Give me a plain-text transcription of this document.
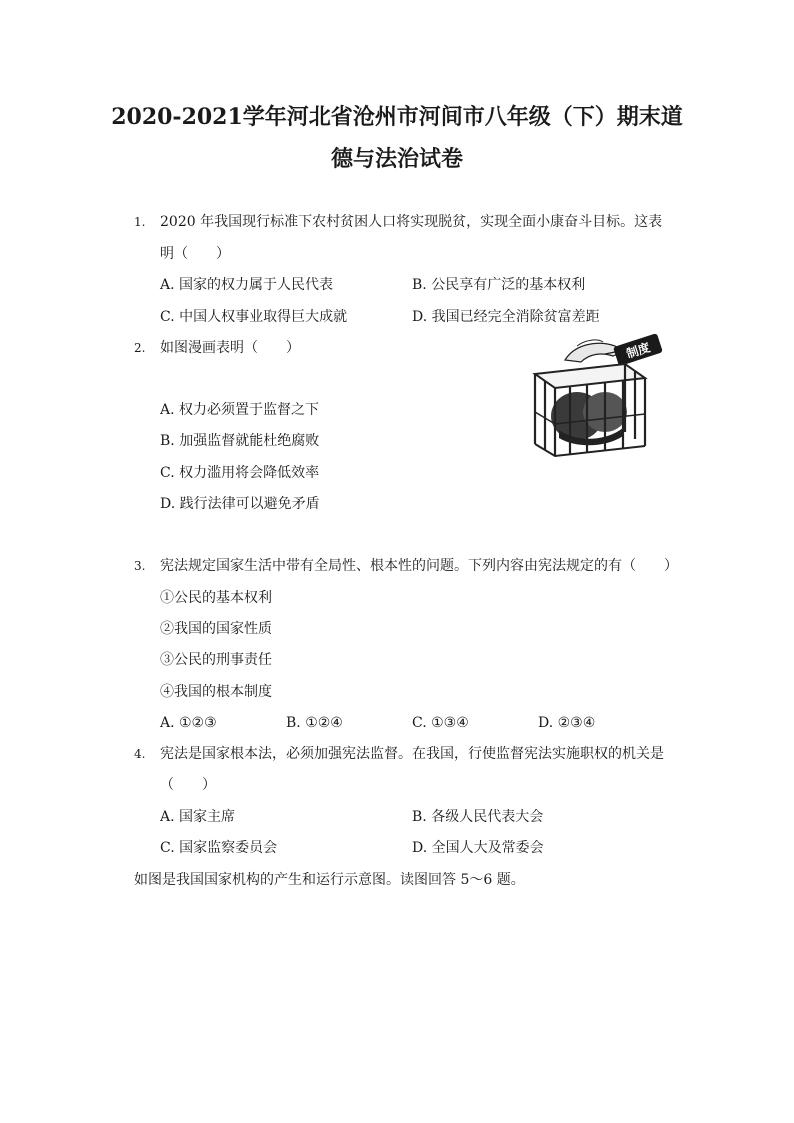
2020-2021学年河北省沧州市河间市八年级（下）期末道
德与法治试卷
1. 2020 年我国现行标准下农村贫困人口将实现脱贫，实现全面小康奋斗目标。这表
明（　　）
A. 国家的权力属于人民代表	B. 公民享有广泛的基本权利
C. 中国人权事业取得巨大成就	D. 我国已经完全消除贫富差距
2. 如图漫画表明（　　）
A. 权力必须置于监督之下
B. 加强监督就能杜绝腐败
C. 权力滥用将会降低效率
D. 践行法律可以避免矛盾
制度
3. 宪法规定国家生活中带有全局性、根本性的问题。下列内容由宪法规定的有（　　）
①公民的基本权利
②我国的国家性质
③公民的刑事责任
④我国的根本制度
A. ①②③	B. ①②④	C. ①③④	D. ②③④
4. 宪法是国家根本法，必须加强宪法监督。在我国，行使监督宪法实施职权的机关是
（　　）
A. 国家主席	B. 各级人民代表大会
C. 国家监察委员会	D. 全国人大及常委会
如图是我国国家机构的产生和运行示意图。读图回答 5～6 题。
